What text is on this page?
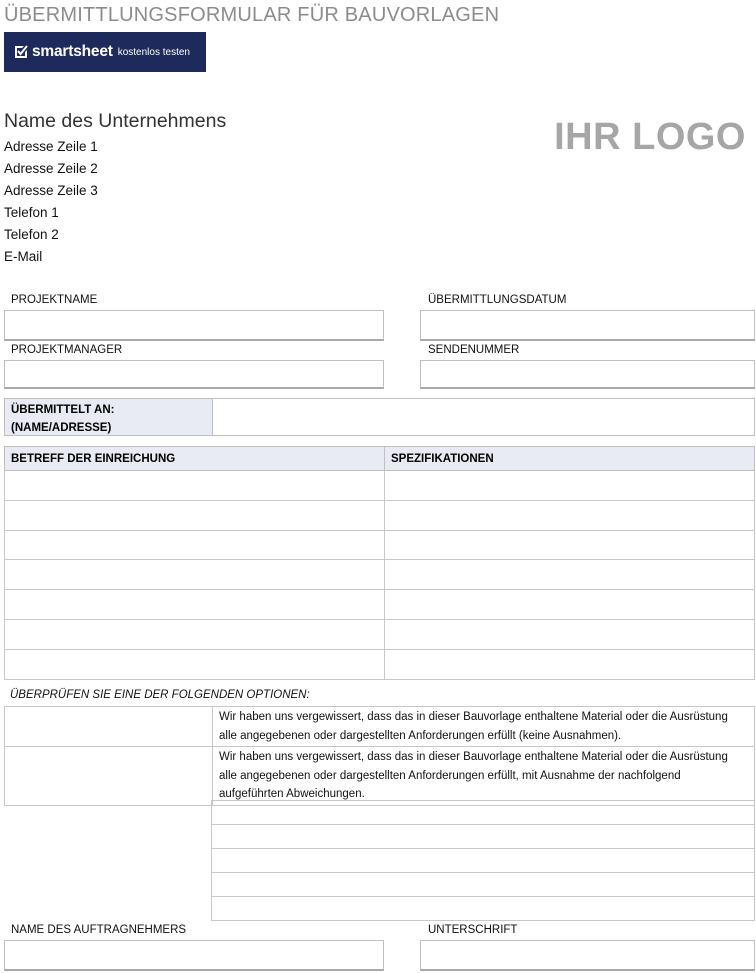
ÜBERMITTLUNGSFORMULAR FÜR BAUVORLAGEN
smartsheet kostenlos testen
Name des Unternehmens
Adresse Zeile 1
Adresse Zeile 2
Adresse Zeile 3
Telefon 1
Telefon 2
E-Mail
IHR LOGO
PROJEKTNAME	ÜBERMITTLUNGSDATUM
PROJEKTMANAGER	SENDENUMMER
ÜBERMITTELT AN:
(NAME/ADRESSE)
BETREFF DER EINREICHUNG	SPEZIFIKATIONEN

ÜBERPRÜFEN SIE EINE DER FOLGENDEN OPTIONEN:
	Wir haben uns vergewissert, dass das in dieser Bauvorlage enthaltene Material oder die Ausrüstung alle angegebenen oder dargestellten Anforderungen erfüllt (keine Ausnahmen).
	Wir haben uns vergewissert, dass das in dieser Bauvorlage enthaltene Material oder die Ausrüstung alle angegebenen oder dargestellten Anforderungen erfüllt, mit Ausnahme der nachfolgend aufgeführten Abweichungen.

NAME DES AUFTRAGNEHMERS	UNTERSCHRIFT
